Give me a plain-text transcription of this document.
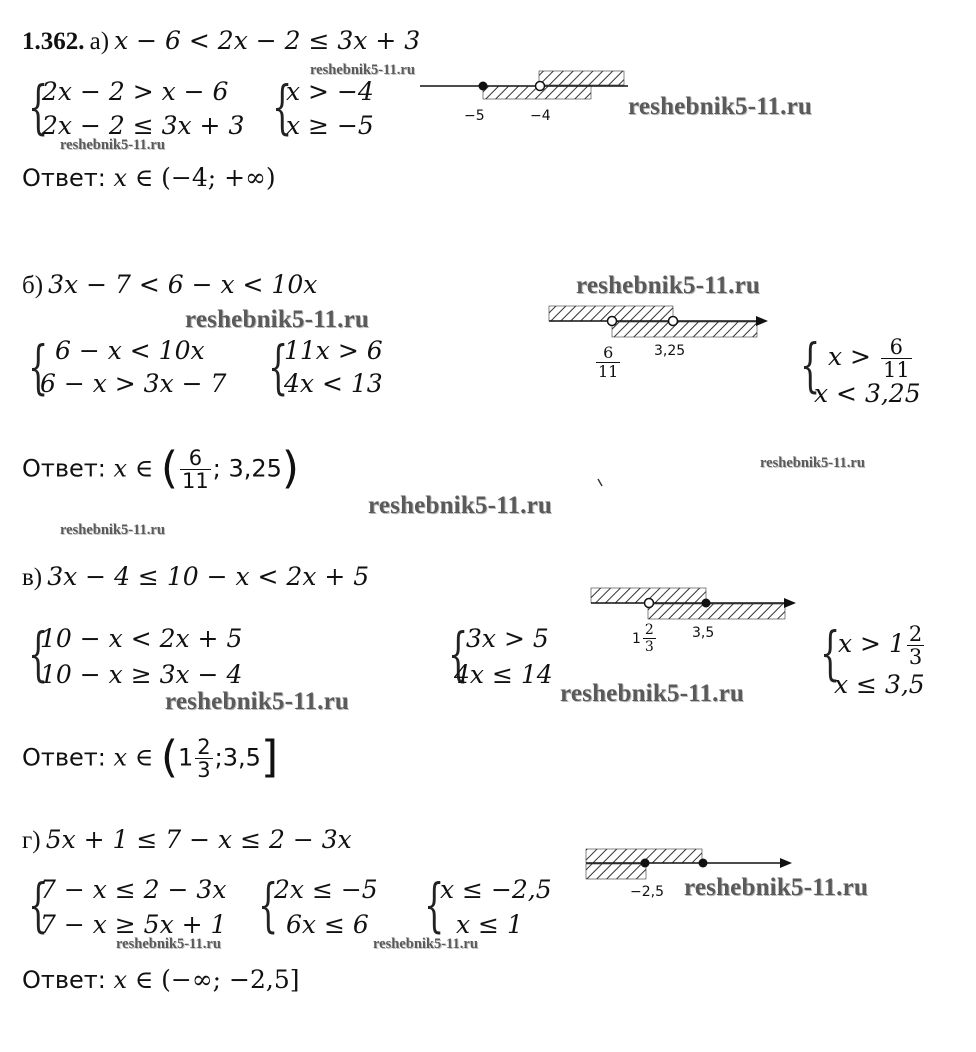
1.362. а) x − 6 < 2x − 2 ≤ 3x + 3
{
2x − 2 > x − 6
2x − 2 ≤ 3x + 3 {
x > −4
x ≥ −5
reshebnik5-11.ru
−5	−4	reshebnik5-11.ru
reshebnik5-11.ru
Ответ: x ∈ (−4; +∞)
б) 3x − 7 < 6 − x < 10x	reshebnik5-11.ru
reshebnik5-11.ru
{ 6 − x < 10x
6 − x > 3x − 7 {
11x > 6
4x < 13
$\frac{6}{11} 3,25$ { $x > \frac{6}{11}$
x < 3,25
Ответ: x ∈ ( $\frac{6}{11}$ ; 3,25)	reshebnik5-11.ru
reshebnik5-11.ru
reshebnik5-11.ru
в) 3x − 4 ≤ 10 − x < 2x + 5
{
10 − x < 2x + 5
10 − x ≥ 3x − 4	{
3x > 5
4x ≤ 14
$1 \frac{2}{3}$	3,5 {
$x > 1 \frac{2}{3}$
x ≤ 3,5
reshebnik5-11.ru
reshebnik5-11.ru
Ответ: x ∈ ($1 \frac{2}{3}$ ;3,5]
г) 5x + 1 ≤ 7 − x ≤ 2 − 3x
{
7 − x ≤ 2 − 3x
7 − x ≥ 5x + 1 {
2x ≤ −5
6x ≤ 6 {
x ≤ −2,5
x ≤ 1
−2,5 reshebnik5-11.ru
reshebnik5-11.ru	reshebnik5-11.ru
Ответ: x ∈ (−∞; −2,5]
